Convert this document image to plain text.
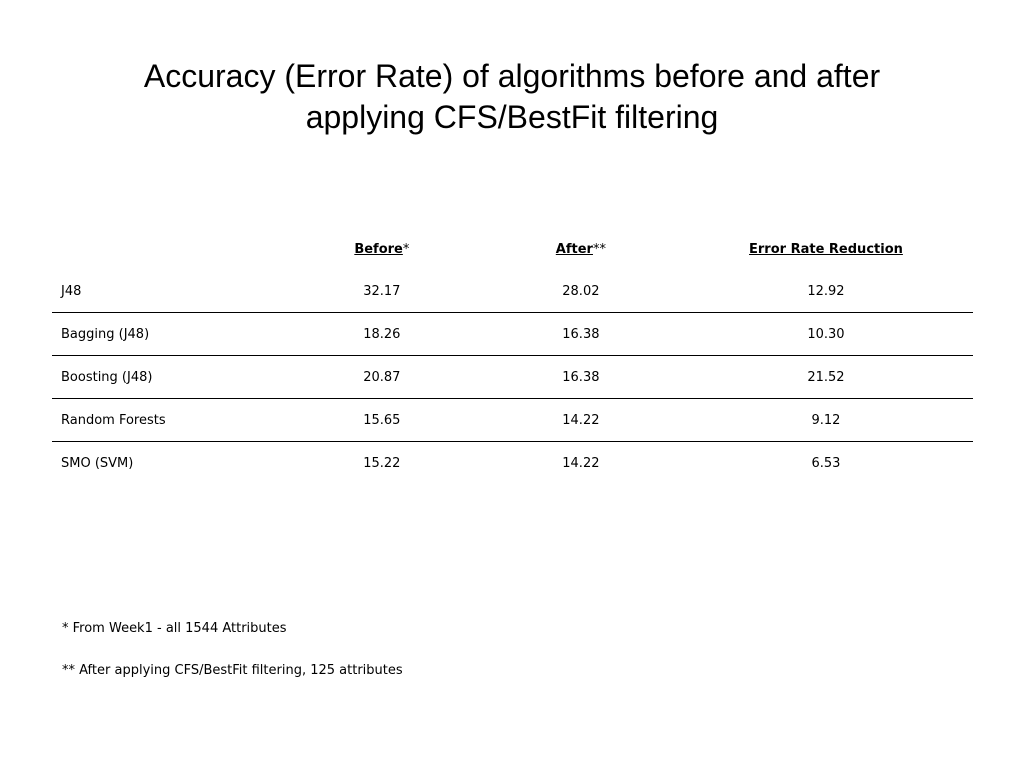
Accuracy (Error Rate) of algorithms before and after
applying CFS/BestFit filtering
	Before*	After**	Error Rate Reduction
J48	32.17	28.02	12.92
Bagging (J48)	18.26	16.38	10.30
Boosting (J48)	20.87	16.38	21.52
Random Forests	15.65	14.22	9.12
SMO (SVM)	15.22	14.22	6.53
* From Week1 - all 1544 Attributes
** After applying CFS/BestFit filtering, 125 attributes
